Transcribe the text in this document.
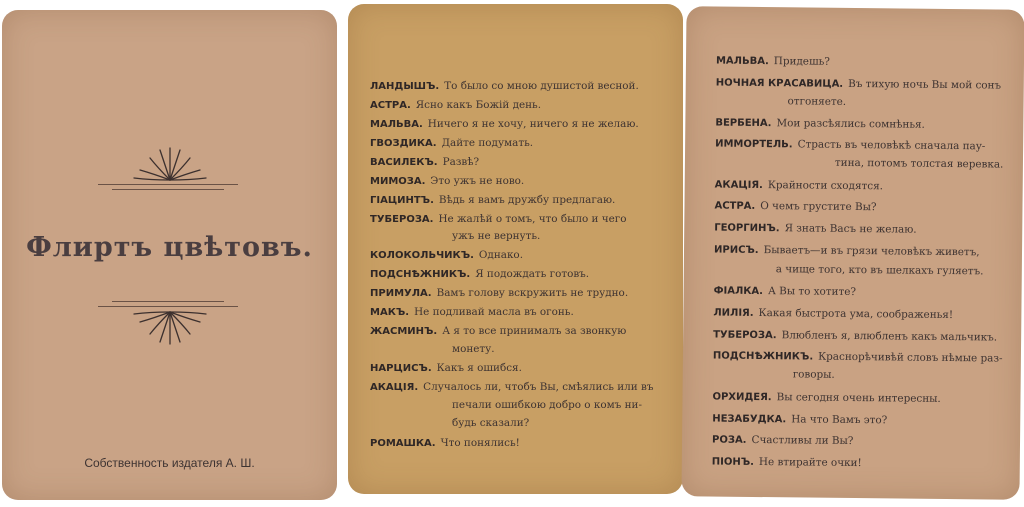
Флиртъ цвѣтовъ.
Собственность издателя А. Ш.
ЛАНДЫШЪ. То было со мною душистой весной.
АСТРА. Ясно какъ Божій день.
МАЛЬВА. Ничего я не хочу, ничего я не желаю.
ГВОЗДИКА. Дайте подумать.
ВАСИЛЕКЪ. Развѣ?
МИМОЗА. Это ужъ не ново.
ГІАЦИНТЪ. Вѣдь я вамъ дружбу предлагаю.
ТУБЕРОЗА. Не жалѣй о томъ, что было и чего
ужъ не вернуть.
КОЛОКОЛЬЧИКЪ. Однако.
ПОДСНѢЖНИКЪ. Я подождать готовъ.
ПРИМУЛА. Вамъ голову вскружить не трудно.
МАКЪ. Не подливай масла въ огонь.
ЖАСМИНЪ. А я то все принималъ за звонкую
монету.
НАРЦИСЪ. Какъ я ошибся.
АКАЦІЯ. Случалось ли, чтобъ Вы, смѣялись или въ
печали ошибкою добро о комъ ни-
будь сказали?
РОМАШКА. Что понялись!
МАЛЬВА. Придешь?
НОЧНАЯ КРАСАВИЦА. Въ тихую ночь Вы мой сонъ
отгоняете.
ВЕРБЕНА. Мои разсѣялись сомнѣнья.
ИММОРТЕЛЬ. Страсть въ человѣкѣ сначала пау-
тина, потомъ толстая веревка.
АКАЦІЯ. Крайности сходятся.
АСТРА. О чемъ грустите Вы?
ГЕОРГИНЪ. Я знать Васъ не желаю.
ИРИСЪ. Бываетъ—и въ грязи человѣкъ живетъ,
а чище того, кто въ шелкахъ гуляетъ.
ФІАЛКА. А Вы то хотите?
ЛИЛІЯ. Какая быстрота ума, соображенья!
ТУБЕРОЗА. Влюбленъ я, влюбленъ какъ мальчикъ.
ПОДСНѢЖНИКЪ. Краснорѣчивѣй словъ нѣмые раз-
говоры.
ОРХИДЕЯ. Вы сегодня очень интересны.
НЕЗАБУДКА. На что Вамъ это?
РОЗА. Счастливы ли Вы?
ПІОНЪ. Не втирайте очки!
